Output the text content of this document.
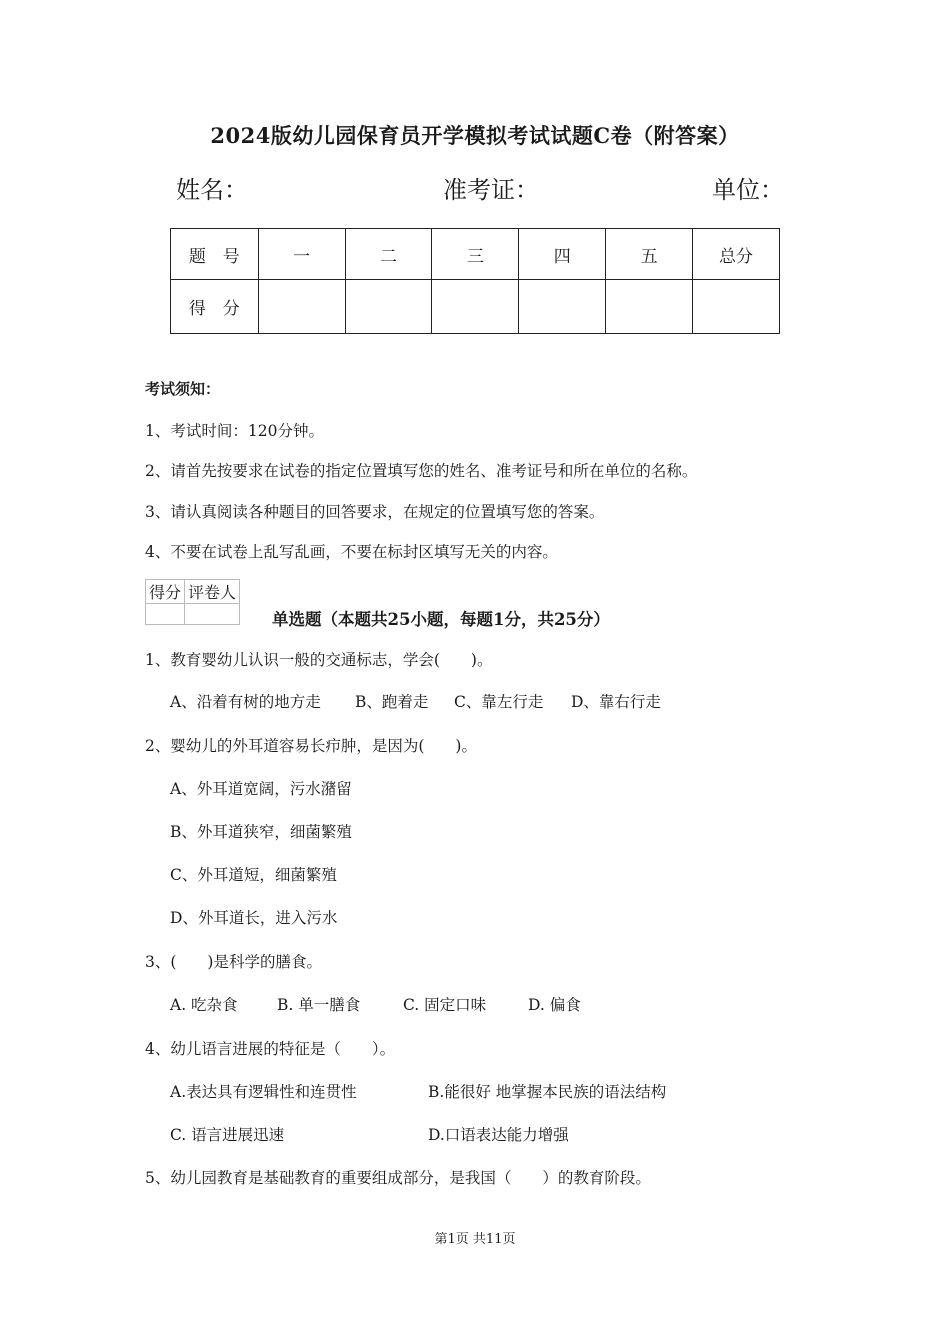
2024版幼儿园保育员开学模拟考试试题C卷（附答案）
姓名：	准考证：	单位：
题　号	一	二	三	四	五	总分
得　分						
考试须知：
1、考试时间：120分钟。
2、请首先按要求在试卷的指定位置填写您的姓名、准考证号和所在单位的名称。
3、请认真阅读各种题目的回答要求，在规定的位置填写您的答案。
4、不要在试卷上乱写乱画，不要在标封区填写无关的内容。
得分	评卷人

单选题（本题共25小题，每题1分，共25分）
1、教育婴幼儿认识一般的交通标志，学会(　　)。
A、沿着有树的地方走 B、跑着走 C、靠左行走 D、靠右行走
2、婴幼儿的外耳道容易长疖肿，是因为(　　)。
A、外耳道宽阔，污水潴留
B、外耳道狭窄，细菌繁殖
C、外耳道短，细菌繁殖
D、外耳道长，进入污水
3、(　　)是科学的膳食。
A. 吃杂食	B. 单一膳食	C. 固定口味	D. 偏食
4、幼儿语言进展的特征是（　　）。
A.表达具有逻辑性和连贯性	B.能很好 地掌握本民族的语法结构
C. 语言进展迅速	D.口语表达能力增强
5、幼儿园教育是基础教育的重要组成部分，是我国（　　）的教育阶段。
第1页 共11页
